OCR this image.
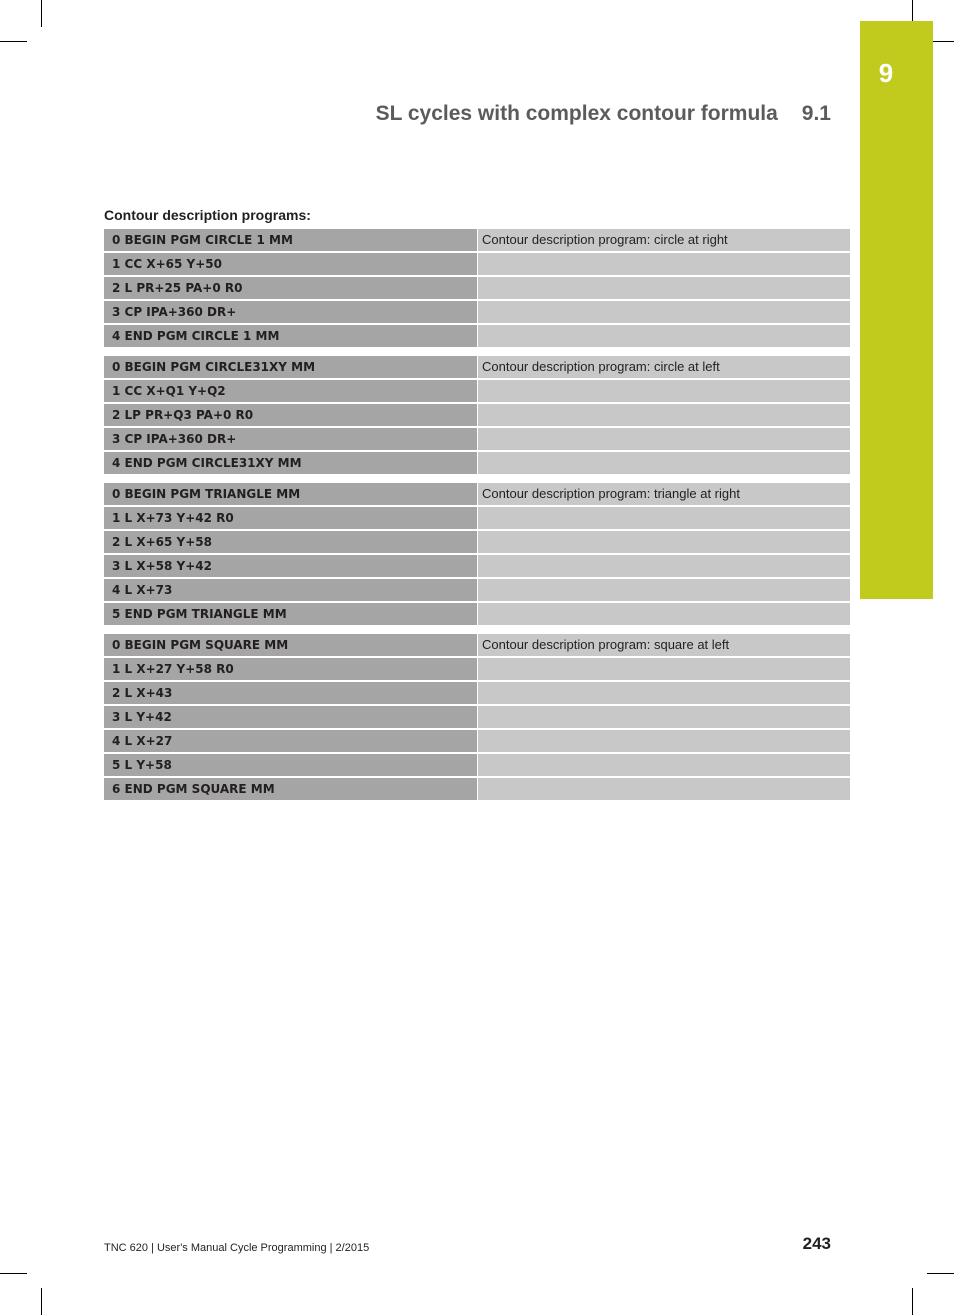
9
SL cycles with complex contour formula 9.1
Contour description programs:
0 BEGIN PGM CIRCLE 1 MM	Contour description program: circle at right
1 CC X+65 Y+50
2 L PR+25 PA+0 R0
3 CP IPA+360 DR+
4 END PGM CIRCLE 1 MM
0 BEGIN PGM CIRCLE31XY MM	Contour description program: circle at left
1 CC X+Q1 Y+Q2
2 LP PR+Q3 PA+0 R0
3 CP IPA+360 DR+
4 END PGM CIRCLE31XY MM
0 BEGIN PGM TRIANGLE MM	Contour description program: triangle at right
1 L X+73 Y+42 R0
2 L X+65 Y+58
3 L X+58 Y+42
4 L X+73
5 END PGM TRIANGLE MM
0 BEGIN PGM SQUARE MM	Contour description program: square at left
1 L X+27 Y+58 R0
2 L X+43
3 L Y+42
4 L X+27
5 L Y+58
6 END PGM SQUARE MM
TNC 620 | User's Manual Cycle Programming | 2/2015	243
